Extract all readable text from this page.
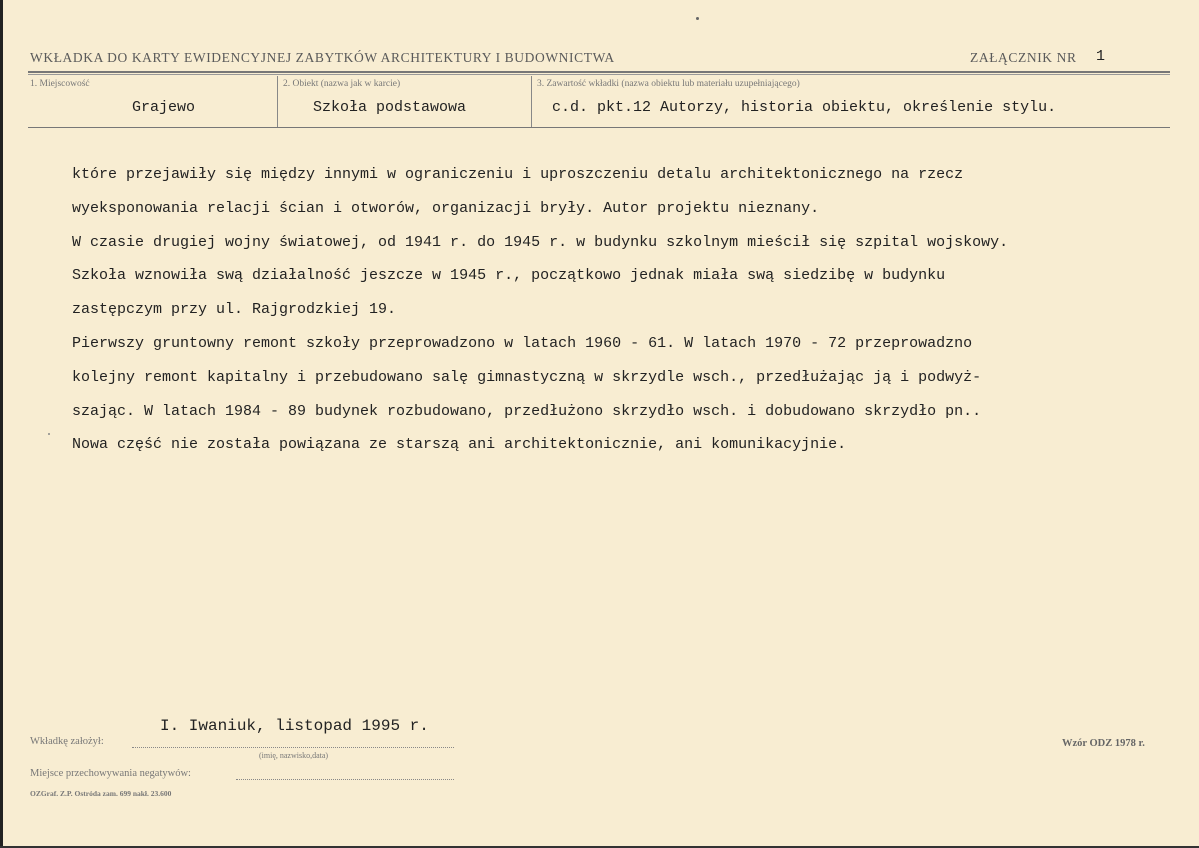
WKŁADKA DO KARTY EWIDENCYJNEJ ZABYTKÓW ARCHITEKTURY I BUDOWNICTWA	ZAŁĄCZNIK NR 1
1. Miejscowość
Grajewo
2. Obiekt (nazwa jak w karcie)
Szkoła podstawowa
3. Zawartość wkładki (nazwa obiektu lub materiału uzupełniającego)
c.d. pkt.12 Autorzy, historia obiektu, określenie stylu.
które przejawiły się między innymi w ograniczeniu i uproszczeniu detalu architektonicznego na rzecz
wyeksponowania relacji ścian i otworów, organizacji bryły. Autor projektu nieznany.
W czasie drugiej wojny światowej, od 1941 r. do 1945 r. w budynku szkolnym mieścił się szpital wojskowy.
Szkoła wznowiła swą działalność jeszcze w 1945 r., początkowo jednak miała swą siedzibę w budynku
zastępczym przy ul. Rajgrodzkiej 19.
Pierwszy gruntowny remont szkoły przeprowadzono w latach 1960 - 61. W latach 1970 - 72 przeprowadzno
kolejny remont kapitalny i przebudowano salę gimnastyczną w skrzydle wsch., przedłużając ją i podwyż-
szając. W latach 1984 - 89 budynek rozbudowano, przedłużono skrzydło wsch. i dobudowano skrzydło pn..
Nowa część nie została powiązana ze starszą ani architektonicznie, ani komunikacyjnie.
Wkładkę założył:
I. Iwaniuk, listopad 1995 r.
(imię, nazwisko,data)
Miejsce przechowywania negatywów:
Wzór ODZ 1978 r.
OZGraf. Z.P. Ostróda zam. 699 nakł. 23.600
